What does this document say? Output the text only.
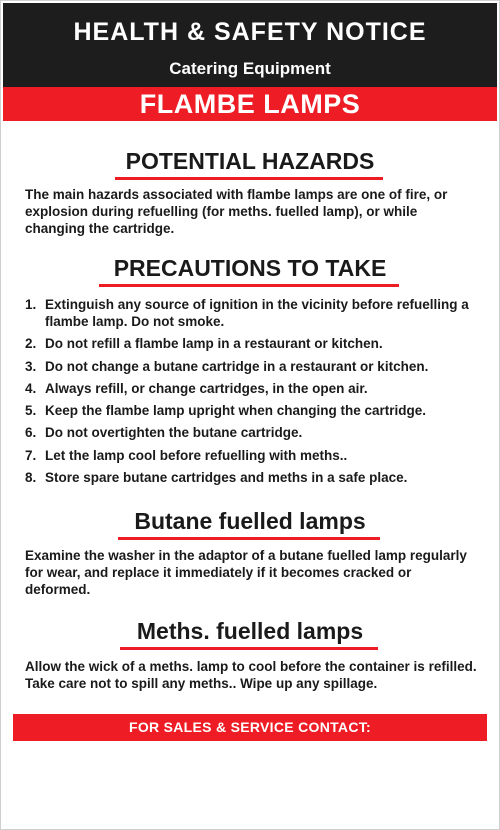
HEALTH & SAFETY NOTICE
Catering Equipment
FLAMBE LAMPS
POTENTIAL HAZARDS
The main hazards associated with flambe lamps are one of fire, or explosion during refuelling (for meths. fuelled lamp), or while changing the cartridge.
PRECAUTIONS TO TAKE
1. Extinguish any source of ignition in the vicinity before refuelling a flambe lamp. Do not smoke.
2. Do not refill a flambe lamp in a restaurant or kitchen.
3. Do not change a butane cartridge in a restaurant or kitchen.
4. Always refill, or change cartridges, in the open air.
5. Keep the flambe lamp upright when changing the cartridge.
6. Do not overtighten the butane cartridge.
7. Let the lamp cool before refuelling with meths..
8. Store spare butane cartridges and meths in a safe place.
Butane fuelled lamps
Examine the washer in the adaptor of a butane fuelled lamp regularly for wear, and replace it immediately if it becomes cracked or deformed.
Meths. fuelled lamps
Allow the wick of a meths. lamp to cool before the container is refilled. Take care not to spill any meths.. Wipe up any spillage.
FOR SALES & SERVICE CONTACT:
